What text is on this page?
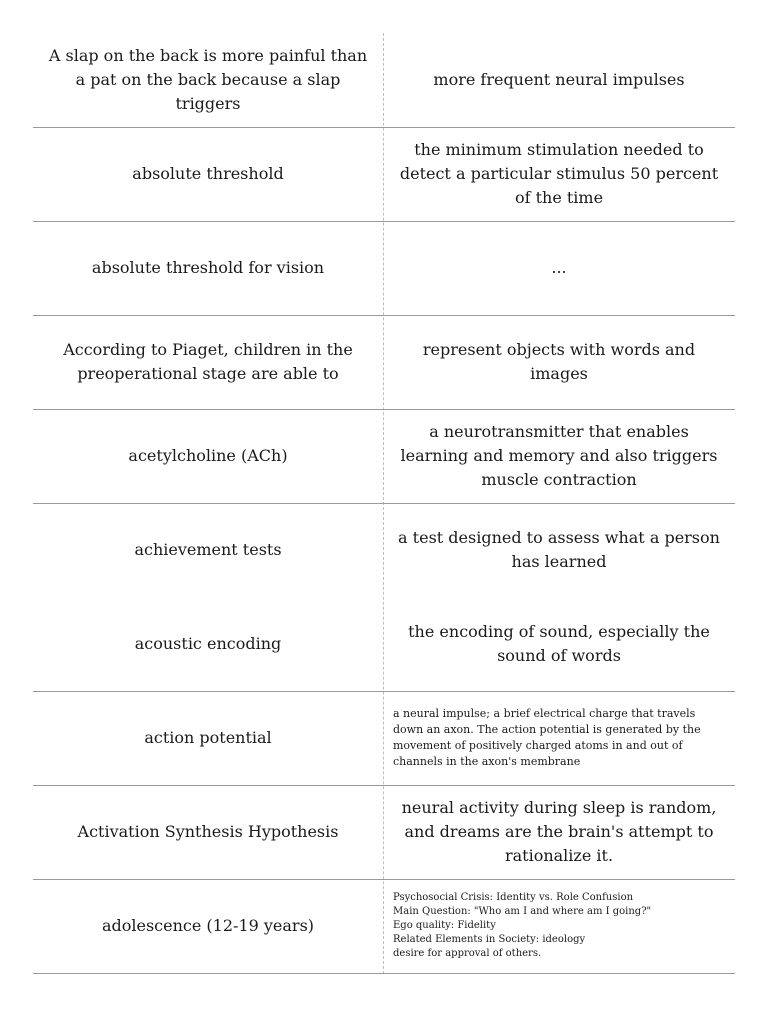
A slap on the back is more painful than a pat on the back because a slap triggers
more frequent neural impulses
absolute threshold
the minimum stimulation needed to detect a particular stimulus 50 percent of the time
absolute threshold for vision	...
According to Piaget, children in the preoperational stage are able to
represent objects with words and images
acetylcholine (ACh)
a neurotransmitter that enables learning and memory and also triggers muscle contraction
achievement tests
a test designed to assess what a person has learned
acoustic encoding
the encoding of sound, especially the sound of words
action potential
a neural impulse; a brief electrical charge that travels down an axon. The action potential is generated by the movement of positively charged atoms in and out of channels in the axon's membrane
Activation Synthesis Hypothesis
neural activity during sleep is random, and dreams are the brain's attempt to rationalize it.
adolescence (12-19 years)
Psychosocial Crisis: Identity vs. Role Confusion
Main Question: "Who am I and where am I going?"
Ego quality: Fidelity
Related Elements in Society: ideology
desire for approval of others.
